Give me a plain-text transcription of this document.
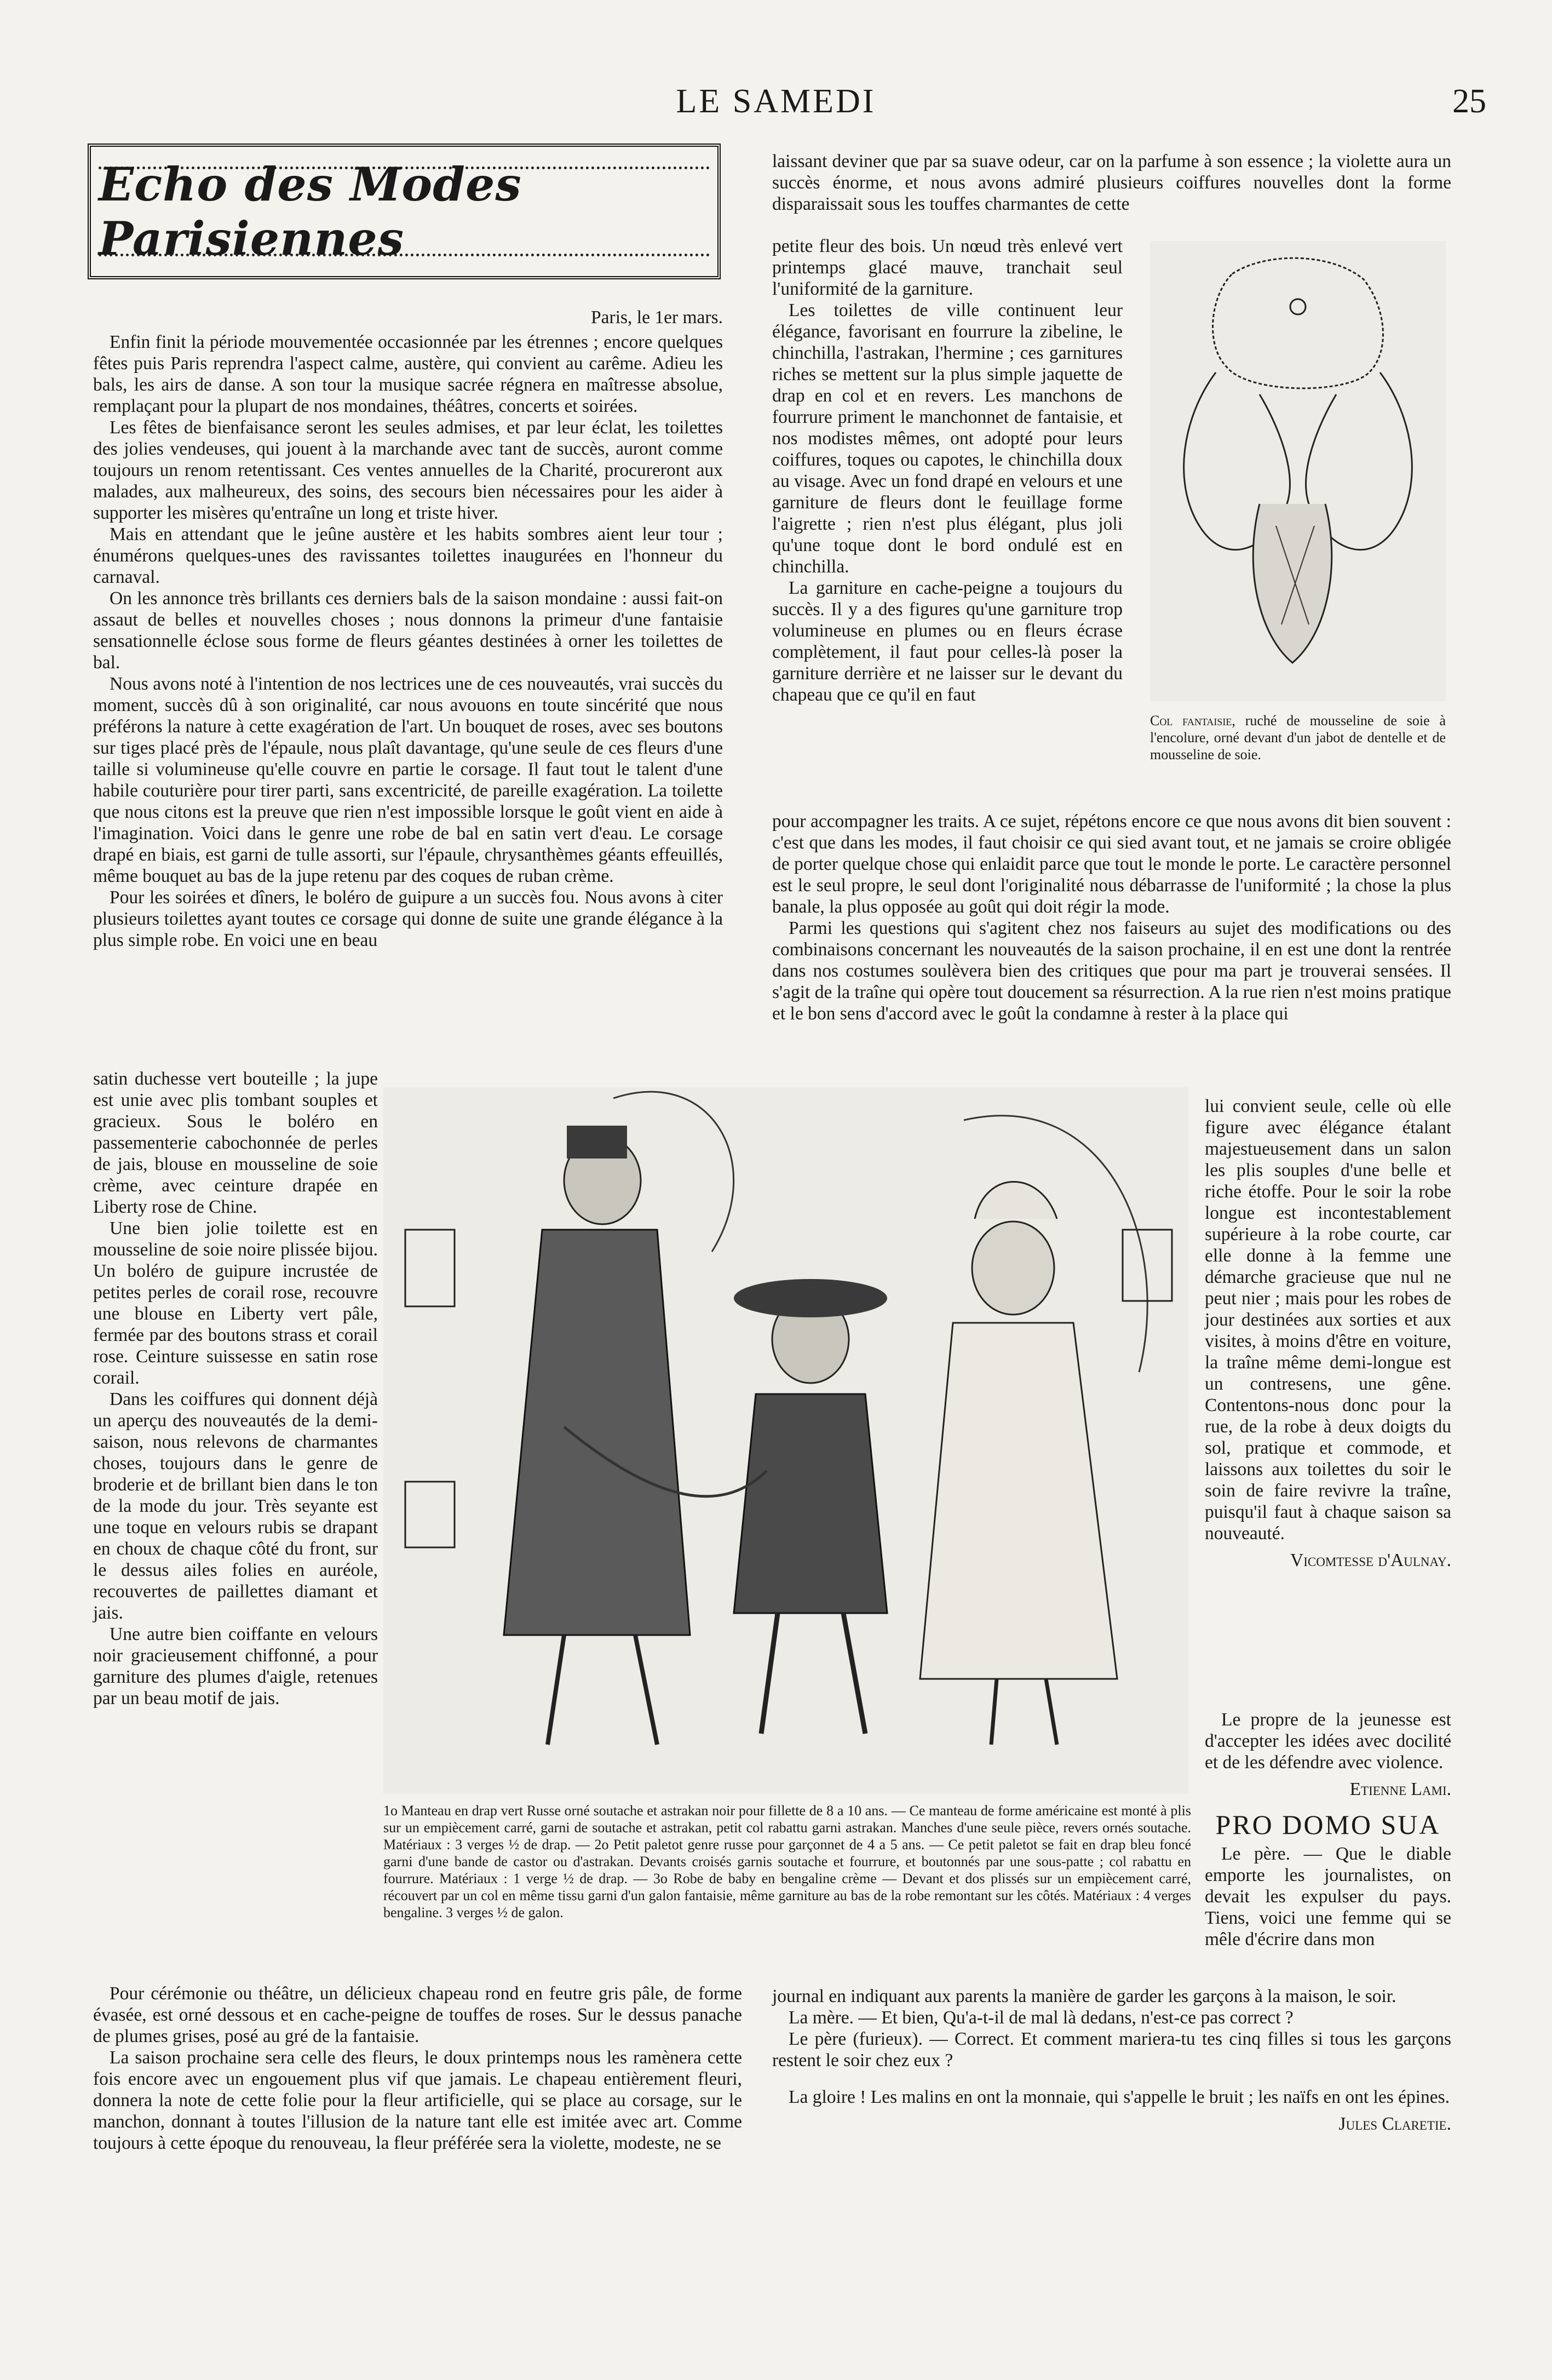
LE SAMEDI	25
Echo des Modes Parisiennes

Paris, le 1er mars.

Enfin finit la période mouvementée occasionnée par les étrennes ; encore quelques fêtes puis Paris reprendra l'aspect calme, austère, qui convient au carême. Adieu les bals, les airs de danse. A son tour la musique sacrée régnera en maîtresse absolue, remplaçant pour la plupart de nos mondaines, théâtres, concerts et soirées.

Les fêtes de bienfaisance seront les seules admises, et par leur éclat, les toilettes des jolies vendeuses, qui jouent à la marchande avec tant de succès, auront comme toujours un renom retentissant. Ces ventes annuelles de la Charité, procureront aux malades, aux malheureux, des soins, des secours bien nécessaires pour les aider à supporter les misères qu'entraîne un long et triste hiver.

Mais en attendant que le jeûne austère et les habits sombres aient leur tour ; énumérons quelques-unes des ravissantes toilettes inaugurées en l'honneur du carnaval.

On les annonce très brillants ces derniers bals de la saison mondaine : aussi fait-on assaut de belles et nouvelles choses ; nous donnons la primeur d'une fantaisie sensationnelle éclose sous forme de fleurs géantes destinées à orner les toilettes de bal.

Nous avons noté à l'intention de nos lectrices une de ces nouveautés, vrai succès du moment, succès dû à son originalité, car nous avouons en toute sincérité que nous préférons la nature à cette exagération de l'art. Un bouquet de roses, avec ses boutons sur tiges placé près de l'épaule, nous plaît davantage, qu'une seule de ces fleurs d'une taille si volumineuse qu'elle couvre en partie le corsage. Il faut tout le talent d'une habile couturière pour tirer parti, sans excentricité, de pareille exagération. La toilette que nous citons est la preuve que rien n'est impossible lorsque le goût vient en aide à l'imagination. Voici dans le genre une robe de bal en satin vert d'eau. Le corsage drapé en biais, est garni de tulle assorti, sur l'épaule, chrysanthèmes géants effeuillés, même bouquet au bas de la jupe retenu par des coques de ruban crème.

Pour les soirées et dîners, le boléro de guipure a un succès fou. Nous avons à citer plusieurs toilettes ayant toutes ce corsage qui donne de suite une grande élégance à la plus simple robe. En voici une en beau

satin duchesse vert bouteille ; la jupe est unie avec plis tombant souples et gracieux. Sous le boléro en passementerie cabochonnée de perles de jais, blouse en mousseline de soie crème, avec ceinture drapée en Liberty rose de Chine.

Une bien jolie toilette est en mousseline de soie noire plissée bijou. Un boléro de guipure incrustée de petites perles de corail rose, recouvre une blouse en Liberty vert pâle, fermée par des boutons strass et corail rose. Ceinture suissesse en satin rose corail.

Dans les coiffures qui donnent déjà un aperçu des nouveautés de la demi-saison, nous relevons de charmantes choses, toujours dans le genre de broderie et de brillant bien dans le ton de la mode du jour. Très seyante est une toque en velours rubis se drapant en choux de chaque côté du front, sur le dessus ailes folies en auréole, recouvertes de paillettes diamant et jais.

Une autre bien coiffante en velours noir gracieusement chiffonné, a pour garniture des plumes d'aigle, retenues par un beau motif de jais.

Pour cérémonie ou théâtre, un délicieux chapeau rond en feutre gris pâle, de forme évasée, est orné dessous et en cache-peigne de touffes de roses. Sur le dessus panache de plumes grises, posé au gré de la fantaisie.

La saison prochaine sera celle des fleurs, le doux printemps nous les ramènera cette fois encore avec un engouement plus vif que jamais. Le chapeau entièrement fleuri, donnera la note de cette folie pour la fleur artificielle, qui se place au corsage, sur le manchon, donnant à toutes l'illusion de la nature tant elle est imitée avec art. Comme toujours à cette époque du renouveau, la fleur préférée sera la violette, modeste, ne se

laissant deviner que par sa suave odeur, car on la parfume à son essence ; la violette aura un succès énorme, et nous avons admiré plusieurs coiffures nouvelles dont la forme disparaissait sous les touffes charmantes de cette

petite fleur des bois. Un nœud très enlevé vert printemps glacé mauve, tranchait seul l'uniformité de la garniture.

Les toilettes de ville continuent leur élégance, favorisant en fourrure la zibeline, le chinchilla, l'astrakan, l'hermine ; ces garnitures riches se mettent sur la plus simple jaquette de drap en col et en revers. Les manchons de fourrure priment le manchonnet de fantaisie, et nos modistes mêmes, ont adopté pour leurs coiffures, toques ou capotes, le chinchilla doux au visage. Avec un fond drapé en velours et une garniture de fleurs dont le feuillage forme l'aigrette ; rien n'est plus élégant, plus joli qu'une toque dont le bord ondulé est en chinchilla.

La garniture en cache-peigne a toujours du succès. Il y a des figures qu'une garniture trop volumineuse en plumes ou en fleurs écrase complètement, il faut pour celles-là poser la garniture derrière et ne laisser sur le devant du chapeau que ce qu'il en faut

Col fantaisie, ruché de mousseline de soie à l'encolure, orné devant d'un jabot de dentelle et de mousseline de soie.

pour accompagner les traits. A ce sujet, répétons encore ce que nous avons dit bien souvent : c'est que dans les modes, il faut choisir ce qui sied avant tout, et ne jamais se croire obligée de porter quelque chose qui enlaidit parce que tout le monde le porte. Le caractère personnel est le seul propre, le seul dont l'originalité nous débarrasse de l'uniformité ; la chose la plus banale, la plus opposée au goût qui doit régir la mode.

Parmi les questions qui s'agitent chez nos faiseurs au sujet des modifications ou des combinaisons concernant les nouveautés de la saison prochaine, il en est une dont la rentrée dans nos costumes soulèvera bien des critiques que pour ma part je trouverai sensées. Il s'agit de la traîne qui opère tout doucement sa résurrection. A la rue rien n'est moins pratique et le bon sens d'accord avec le goût la condamne à rester à la place qui

1o Manteau en drap vert Russe orné soutache et astrakan noir pour fillette de 8 a 10 ans. — Ce manteau de forme américaine est monté à plis sur un empiècement carré, garni de soutache et astrakan, petit col rabattu garni astrakan. Manches d'une seule pièce, revers ornés soutache. Matériaux : 3 verges ½ de drap. — 2o Petit paletot genre russe pour garçonnet de 4 a 5 ans. — Ce petit paletot se fait en drap bleu foncé garni d'une bande de castor ou d'astrakan. Devants croisés garnis soutache et fourrure, et boutonnés par une sous-patte ; col rabattu en fourrure. Matériaux : 1 verge ½ de drap. — 3o Robe de baby en bengaline crème — Devant et dos plissés sur un empiècement carré, récouvert par un col en même tissu garni d'un galon fantaisie, même garniture au bas de la robe remontant sur les côtés. Matériaux : 4 verges bengaline. 3 verges ½ de galon.

lui convient seule, celle où elle figure avec élégance étalant majestueusement dans un salon les plis souples d'une belle et riche étoffe. Pour le soir la robe longue est incontestablement supérieure à la robe courte, car elle donne à la femme une démarche gracieuse que nul ne peut nier ; mais pour les robes de jour destinées aux sorties et aux visites, à moins d'être en voiture, la traîne même demi-longue est un contresens, une gêne. Contentons-nous donc pour la rue, de la robe à deux doigts du sol, pratique et commode, et laissons aux toilettes du soir le soin de faire revivre la traîne, puisqu'il faut à chaque saison sa nouveauté.

Vicomtesse d'Aulnay.

Le propre de la jeunesse est d'accepter les idées avec docilité et de les défendre avec violence.

Etienne Lami.

PRO DOMO SUA

Le père. — Que le diable emporte les journalistes, on devait les expulser du pays. Tiens, voici une femme qui se mêle d'écrire dans mon

journal en indiquant aux parents la manière de garder les garçons à la maison, le soir.

La mère. — Et bien, Qu'a-t-il de mal là dedans, n'est-ce pas correct ?

Le père (furieux). — Correct. Et comment mariera-tu tes cinq filles si tous les garçons restent le soir chez eux ?

La gloire ! Les malins en ont la monnaie, qui s'appelle le bruit ; les naïfs en ont les épines.

Jules Claretie.
